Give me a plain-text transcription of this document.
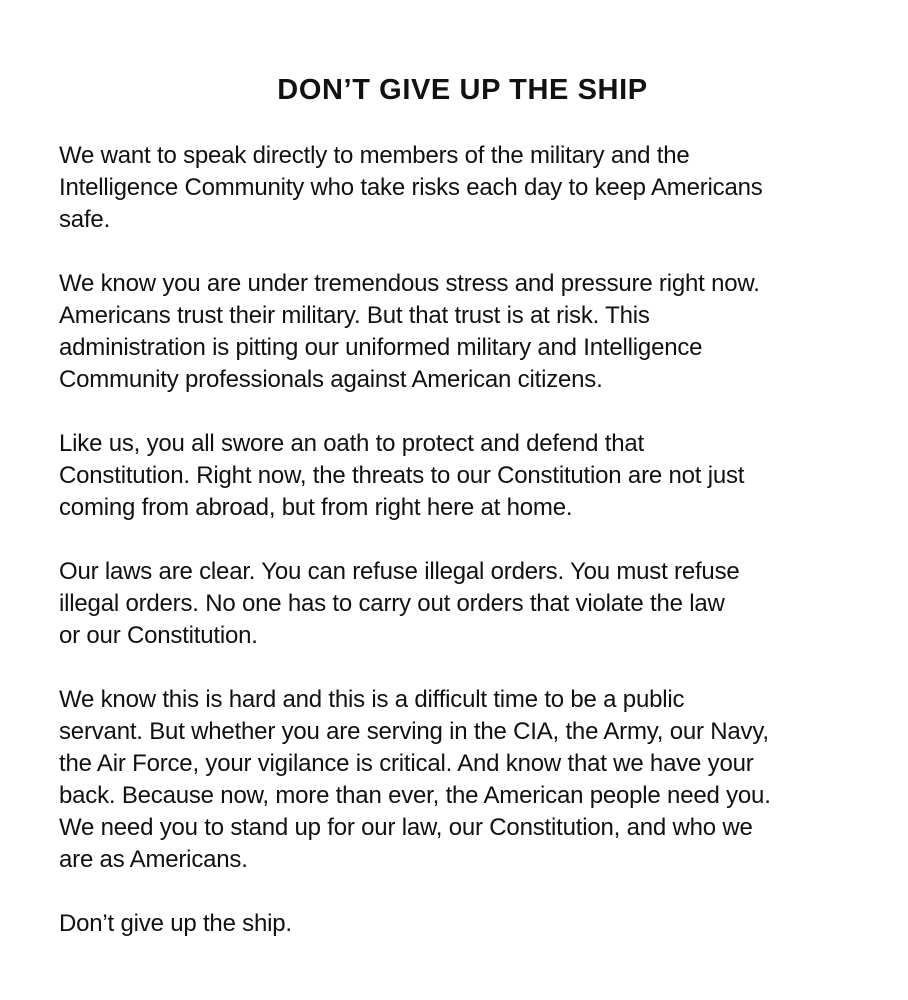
DON’T GIVE UP THE SHIP

We want to speak directly to members of the military and the
Intelligence Community who take risks each day to keep Americans
safe.

We know you are under tremendous stress and pressure right now.
Americans trust their military. But that trust is at risk. This
administration is pitting our uniformed military and Intelligence
Community professionals against American citizens.

Like us, you all swore an oath to protect and defend that
Constitution. Right now, the threats to our Constitution are not just
coming from abroad, but from right here at home.

Our laws are clear. You can refuse illegal orders. You must refuse
illegal orders. No one has to carry out orders that violate the law
or our Constitution.

We know this is hard and this is a difficult time to be a public
servant. But whether you are serving in the CIA, the Army, our Navy,
the Air Force, your vigilance is critical. And know that we have your
back. Because now, more than ever, the American people need you.
We need you to stand up for our law, our Constitution, and who we
are as Americans.

Don’t give up the ship.
